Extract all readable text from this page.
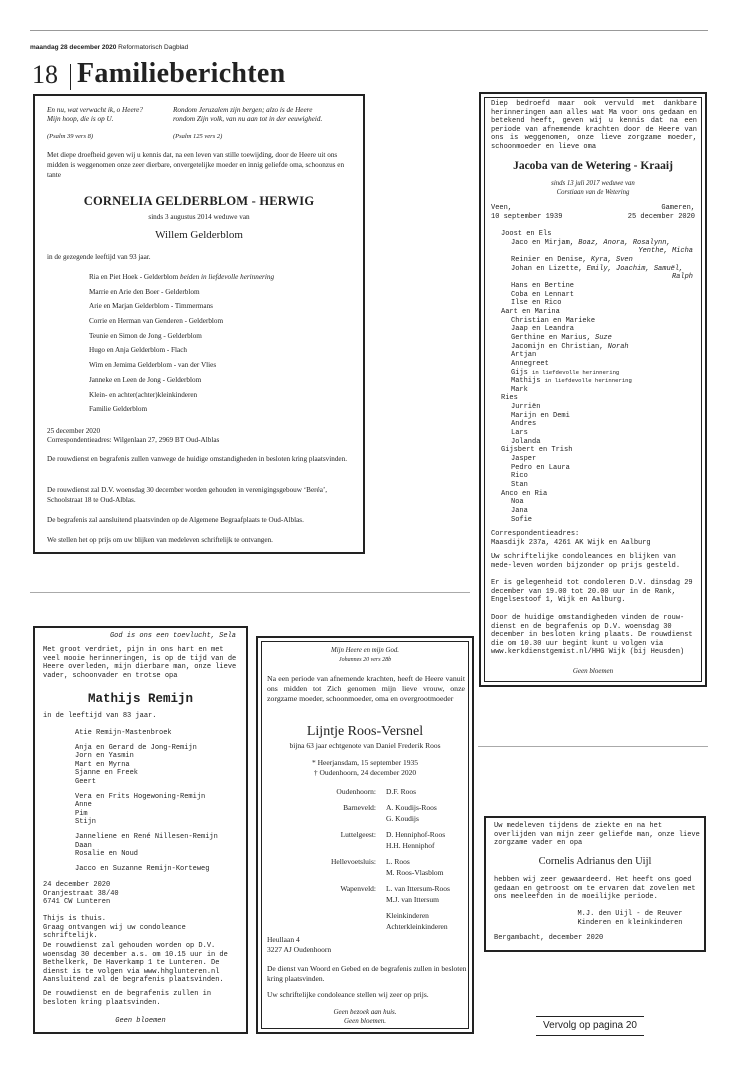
maandag 28 december 2020 Reformatorisch Dagblad
18 Familieberichten
En nu, wat verwacht ik, o Heere?
Mijn hoop, die is op U.
(Psalm 39 vers 8)
Rondom Jeruzalem zijn bergen; alzo is de Heere
rondom Zijn volk, van nu aan tot in der eeuwigheid.
(Psalm 125 vers 2)
Met diepe droefheid geven wij u kennis dat, na een leven van stille toewijding, door de Heere uit ons midden is weggenomen onze zeer dierbare, onvergetelijke moeder en innig geliefde oma, schoonzus en tante
CORNELIA GELDERBLOM - HERWIG
sinds 3 augustus 2014 weduwe van
Willem Gelderblom
in de gezegende leeftijd van 93 jaar.
Ria en Piet Hoek - Gelderblom beiden in liefdevolle herinnering
Marrie en Arie den Boer - Gelderblom
Arie en Marjan Gelderblom - Timmermans
Corrie en Herman van Genderen - Gelderblom
Teunie en Simon de Jong - Gelderblom
Hugo en Anja Gelderblom - Flach
Wim en Jemima Gelderblom - van der Vlies
Janneke en Leen de Jong - Gelderblom
Klein- en achter(achter)kleinkinderen
Familie Gelderblom
25 december 2020
Correspondentieadres: Wilgenlaan 27, 2969 BT Oud-Alblas
De rouwdienst en begrafenis zullen vanwege de huidige omstandigheden in besloten kring plaatsvinden.
De rouwdienst zal D.V. woensdag 30 december worden gehouden in verenigingsgebouw ‘Beréa’, Schoolstraat 18 te Oud-Alblas.
De begrafenis zal aansluitend plaatsvinden op de Algemene Begraafplaats te Oud-Alblas.
We stellen het op prijs om uw blijken van medeleven schriftelijk te ontvangen.
Diep bedroefd maar ook vervuld met dankbare herinneringen aan alles wat Ma voor ons gedaan en betekend heeft, geven wij u kennis dat na een periode van afnemende krachten door de Heere van ons is weggenomen, onze lieve zorgzame moeder, schoonmoeder en lieve oma
Jacoba van de Wetering - Kraaij
sinds 13 juli 2017 weduwe van
Corstiaan van de Wetering
Veen,
10 september 1939
Gameren,
25 december 2020
Joost en Els
Jaco en Mirjam, Boaz, Anora, Rosalynn,
Yenthe, Micha
Reinier en Denise, Kyra, Sven
Johan en Lizette, Emily, Joachim, Samuël,
Ralph
Hans en Bertine
Coba en Lennart
Ilse en Rico
Aart en Marina
Christian en Marieke
Jaap en Leandra
Gerthine en Marius, Suze
Jacomijn en Christian, Norah
Artjan
Annegreet
Gijs in liefdevolle herinnering
Mathijs in liefdevolle herinnering
Mark
Ries
Jurriën
Marijn en Demi
Andres
Lars
Jolanda
Gijsbert en Trish
Jasper
Pedro en Laura
Rico
Stan
Anco en Ria
Noa
Jana
Sofie
Correspondentieadres:
Maasdijk 237a, 4261 AK Wijk en Aalburg
Uw schriftelijke condoleances en blijken van mede-leven worden bijzonder op prijs gesteld.
Er is gelegenheid tot condoleren D.V. dinsdag 29 december van 19.00 tot 20.00 uur in de Rank, Engelsestoof 1, Wijk en Aalburg.
Door de huidige omstandigheden vinden de rouw-dienst en de begrafenis op D.V. woensdag 30 december in besloten kring plaats. De rouwdienst die om 10.30 uur begint kunt u volgen via www.kerkdienstgemist.nl/HHG Wijk (bij Heusden)
Geen bloemen
God is ons een toevlucht, Sela
Met groot verdriet, pijn in ons hart en met veel mooie herinneringen, is op de tijd van de Heere overleden, mijn dierbare man, onze lieve vader, schoonvader en trotse opa
Mathijs Remijn
in de leeftijd van 83 jaar.
Atie Remijn-Mastenbroek
Anja en Gerard de Jong-Remijn
Jorn en Yasmin
Mart en Myrna
Sjanne en Freek
Geert
Vera en Frits Hogewoning-Remijn
Anne
Pim
Stijn
Janneliene en René Nillesen-Remijn
Daan
Rosalie en Noud
Jacco en Suzanne Remijn-Korteweg
24 december 2020
Oranjestraat 38/40
6741 CW Lunteren
Thijs is thuis.
Graag ontvangen wij uw condoleance schriftelijk.
De rouwdienst zal gehouden worden op D.V. woensdag 30 december a.s. om 10.15 uur in de Bethelkerk, De Haverkamp 1 te Lunteren. De dienst is te volgen via www.hhglunteren.nl
Aansluitend zal de begrafenis plaatsvinden.
De rouwdienst en de begrafenis zullen in besloten kring plaatsvinden.
Geen bloemen
Mijn Heere en mijn God.
Johannes 20 vers 28b
Na een periode van afnemende krachten, heeft de Heere vanuit ons midden tot Zich genomen mijn lieve vrouw, onze zorgzame moeder, schoonmoeder, oma en overgrootmoeder
Lijntje Roos-Versnel
bijna 63 jaar echtgenote van Daniel Frederik Roos
* Heerjansdam, 15 september 1935
† Oudenhoorn, 24 december 2020
Oudenhoorn:	D.F. Roos
Barneveld:	A. Koudijs-Roos
G. Koudijs
Luttelgeest:	D. Henniphof-Roos
H.H. Henniphof
Hellevoetsluis:	L. Roos
M. Roos-Vlasblom
Wapenveld:	L. van Ittersum-Roos
M.J. van Ittersum
Kleinkinderen
Achterkleinkinderen
Heullaan 4
3227 AJ Oudenhoorn
De dienst van Woord en Gebed en de begrafenis zullen in besloten kring plaatsvinden.
Uw schriftelijke condoleance stellen wij zeer op prijs.
Geen bezoek aan huis.
Geen bloemen.
Uw medeleven tijdens de ziekte en na het overlijden van mijn zeer geliefde man, onze lieve zorgzame vader en opa
Cornelis Adrianus den Uijl
hebben wij zeer gewaardeerd. Het heeft ons goed gedaan en getroost om te ervaren dat zovelen met ons meeleefden in de moeilijke periode.
M.J. den Uijl - de Reuver
Kinderen en kleinkinderen
Bergambacht, december 2020
Vervolg op pagina 20
